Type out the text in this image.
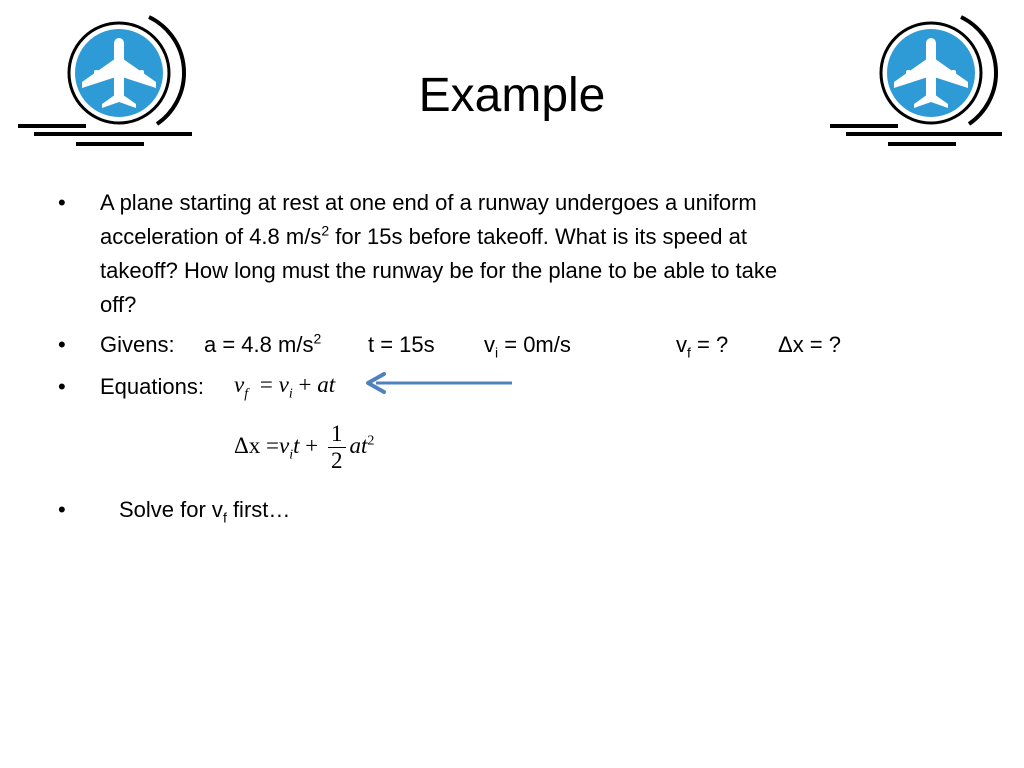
Example
•	A plane starting at rest at one end of a runway undergoes a uniform
acceleration of 4.8 $m/s^2$ for 15s before takeoff. What is its speed at
takeoff? How long must the runway be for the plane to be able to take
off?
•	Givens: a = 4.8 $m/s^2$ t = 15s $v_i = 0m/s$	$v_f$ = ? Δx = ?
•	Equations:	$v_f = v_i$ + at
$\Delta x =v_it + \frac{1}{2} at^2$
•	Solve for $v_f$ first…
